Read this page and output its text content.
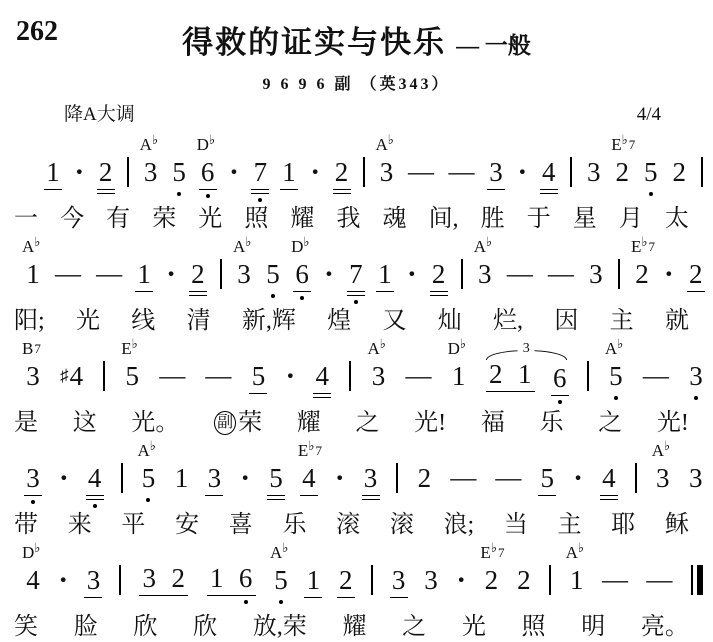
262	得救的证实与快乐 — 一般
9 6 9 6 副 （英343）
降A大调	4/4
1 · 2 3
A♭
5 6
D♭
· 7 1 · 2 3
A♭
— — 3 · 4 3 2
E♭7
5 2
一 今 有 荣 光 照 耀 我 魂 间, 胜 于 星 月 太
1
A♭
— — 1 · 2 3
A♭
5 6
D♭
· 7 1 · 2 3
A♭
— — 3 2
E♭7
· 2
阳; 光 线 清 新,辉 煌 又 灿 烂, 因 主 就
3
B7
♯4 5
E♭
— — 5 · 4 3
A♭
— 1
D♭	3
2 1 6 5
A♭
— 3
是 这 光。 副 荣 耀 之 光! 福 乐 之 光!
3 · 4 5
A♭
1 3 · 5 4
E♭7
· 3 2 — — 5 · 4 3
A♭
3
带 来 平 安 喜 乐 滚 滚 浪; 当 主 耶 稣
4
D♭
· 3 3 2 1 6 5
A♭
1 2 3 3 · 2
E♭7
2 1
A♭
— —
笑 脸 欣 欣 放,荣 耀 之 光 照 明 亮。
